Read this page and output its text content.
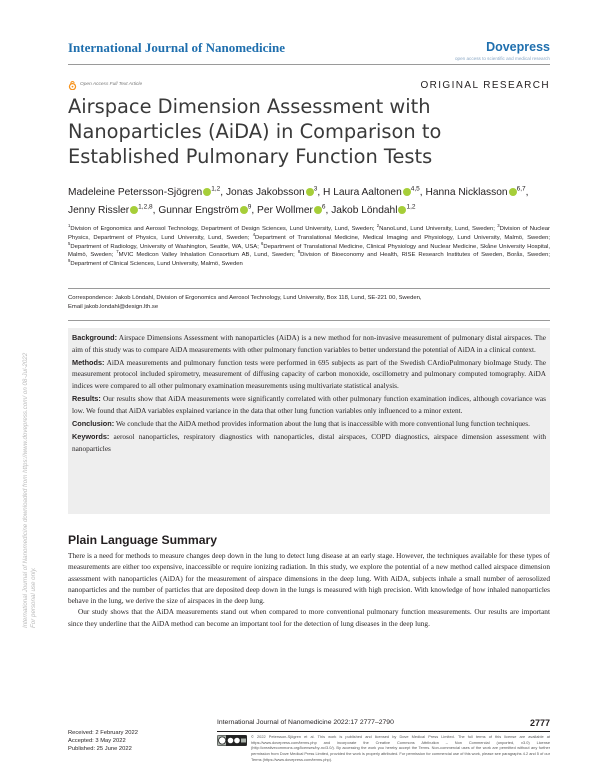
International Journal of Nanomedicine	Dovepress
open access to scientific and medical research
Open Access Full Text Article	ORIGINAL RESEARCH
Airspace Dimension Assessment with
Nanoparticles (AiDA) in Comparison to
Established Pulmonary Function Tests
Madeleine Petersson-Sjögren $^{1,2}$, Jonas Jakobsson $^3$, H Laura Aaltonen $^{4,5}$, Hanna Nicklasson $^{6,7}$,
Jenny Rissler $^{1,2,8}$, Gunnar Engström $^9$, Per Wollmer $^6$, Jakob Löndahl $^{1,2}$
$^1$Division of Ergonomics and Aerosol Technology, Department of Design Sciences, Lund University, Lund, Sweden; $^2$NanoLund, Lund University, Lund, Sweden; $^3$Division of Nuclear Physics, Department of Physics, Lund University, Lund, Sweden; $^4$Department of Translational Medicine, Medical Imaging and Physiology, Lund University, Malmö, Sweden; $^5$Department of Radiology, University of Washington, Seattle, WA, USA; $^6$Department of Translational Medicine, Clinical Physiology and Nuclear Medicine, Skåne University Hospital, Malmö, Sweden; $^7$MVIC Medicon Valley Inhalation Consortium AB, Lund, Sweden; $^8$Division of Bioeconomy and Health, RISE Research Institutes of Sweden, Borås, Sweden; $^9$Department of Clinical Sciences, Lund University, Malmö, Sweden
Correspondence: Jakob Löndahl, Division of Ergonomics and Aerosol Technology, Lund University, Box 118, Lund, SE-221 00, Sweden,
Email jakob.londahl@design.lth.se

Background: Airspace Dimensions Assessment with nanoparticles (AiDA) is a new method for non-invasive measurement of pulmonary distal airspaces. The aim of this study was to compare AiDA measurements with other pulmonary function variables to better understand the potential of AiDA in a clinical context.

Methods: AiDA measurements and pulmonary function tests were performed in 695 subjects as part of the Swedish CArdioPulmonary bioImage Study. The measurement protocol included spirometry, measurement of diffusing capacity of carbon monoxide, oscillometry and pulmonary computed tomography. AiDA indices were compared to all other pulmonary examination measurements using multivariate statistical analysis.

Results: Our results show that AiDA measurements were significantly correlated with other pulmonary function examination indices, although covariance was low. We found that AiDA variables explained variance in the data that other lung function variables only influenced to a minor extent.

Conclusion: We conclude that the AiDA method provides information about the lung that is inaccessible with more conventional lung function techniques.

Keywords: aerosol nanoparticles, respiratory diagnostics with nanoparticles, distal airspaces, COPD diagnostics, airspace dimension assessment with nanoparticles

Plain Language Summary

There is a need for methods to measure changes deep down in the lung to detect lung disease at an early stage. However, the techniques available for these types of measurements are either too expensive, inaccessible or require ionizing radiation. In this study, we explore the potential of a new method called airspace dimension assessment with nanoparticles (AiDA) for the measurement of airspace dimensions in the deep lung. With AiDA, subjects inhale a small number of aerosolized nanoparticles and the number of particles that are deposited deep down in the lungs is measured with high precision. With knowledge of how inhaled nanoparticles behave in the lung, we derive the size of airspaces in the deep lung.

Our study shows that the AiDA measurements stand out when compared to more conventional pulmonary function measurements. Our results are important since they underline that the AiDA method can become an important tool for the detection of lung diseases in the deep lung.

International Journal of Nanomedicine downloaded from https://www.dovepress.com/ on 08-Jul-2022 For personal use only.
Received: 2 February 2022
Accepted: 3 May 2022
Published: 25 June 2022
International Journal of Nanomedicine 2022:17 2777–2790	2777
© 2022 Petersson-Sjögren et al. This work is published and licensed by Dove Medical Press Limited. The full terms of this license are available at https://www.dovepress.com/terms.php and incorporate the Creative Commons Attribution – Non Commercial (unported, v3.0) License (http://creativecommons.org/licenses/by-nc/3.0/). By accessing the work you hereby accept the Terms. Non-commercial uses of the work are permitted without any further permission from Dove Medical Press Limited, provided the work is properly attributed. For permission for commercial use of this work, please see paragraphs 4.2 and 5 of our Terms (https://www.dovepress.com/terms.php).
